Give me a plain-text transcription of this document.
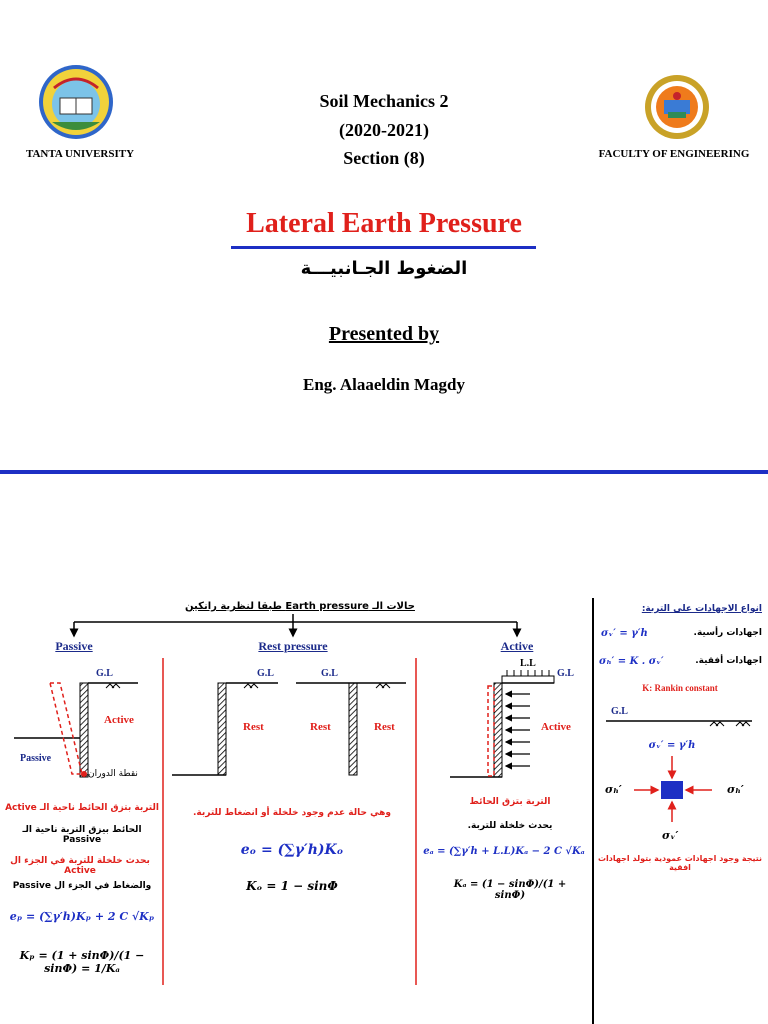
TANTA UNIVERSITY	FACULTY OF ENGINEERING
Soil Mechanics 2
(2020-2021)
Section (8)
Lateral Earth Pressure
الضغوط الجـانبيـــة
Presented by
Eng. Alaaeldin Magdy
حالات الـ Earth pressure طبقا لنظرية رانكين
Passive	Rest pressure	Active
G.L	G.L	G.L
L.L
G.L
Active
Passive
نقطة الدوران
التربة بتزق الحائط ناحية الـ Active
الحائط بيزق التربة ناحية الـ Passive
بحدث خلخلة للتربة في الجزء ال Active
والضغاط في الجزء ال Passive
eₚ = (∑γ′h)Kₚ + 2 C √Kₚ
Kₚ = (1 + sinΦ)/(1 − sinΦ) = 1/Kₐ
Rest	Rest	Rest
وهي حالة عدم وجود خلخلة أو انضغاط للتربة.
eₒ = (∑γ′h)Kₒ
Kₒ = 1 − sinΦ
Active
التربة بتزق الحائط
يحدث خلخلة للتربة.
eₐ = (∑γ′h + L.L)Kₐ − 2 C √Kₐ
Kₐ = (1 − sinΦ)/(1 + sinΦ)
انواع الاجهادات على التربة:
اجهادات رأسية.
σᵥ′ = γ′h
اجهادات أفقية.
σₕ′ = K . σᵥ′
K: Rankin constant
G.L
σᵥ′ = γ′h
σₕ′	σₕ′
σᵥ′
نتيجة وجود اجهادات عمودية بتولد اجهادات افقية
